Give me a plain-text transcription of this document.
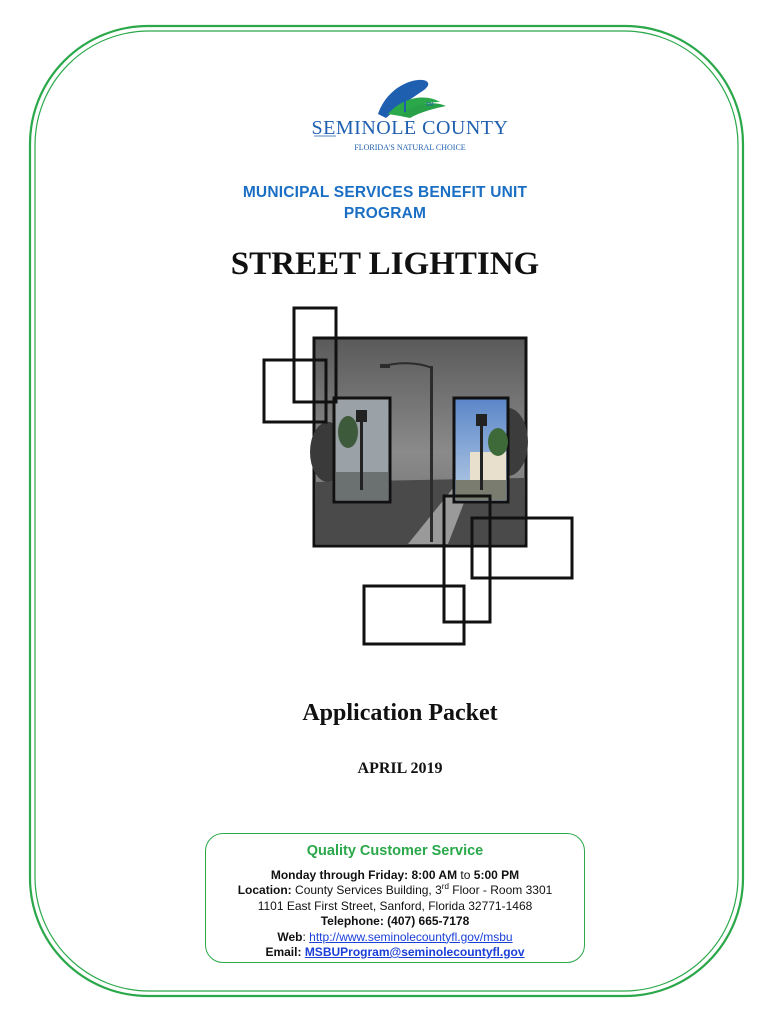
SM
SEMINOLE COUNTY
FLORIDA'S NATURAL CHOICE
MUNICIPAL SERVICES BENEFIT UNIT
PROGRAM
STREET LIGHTING
Application Packet
APRIL 2019
Quality Customer Service
Monday through Friday: 8:00 AM to 5:00 PM
Location: County Services Building, 3rd Floor - Room 3301
1101 East First Street, Sanford, Florida 32771-1468
Telephone: (407) 665-7178
Web: http://www.seminolecountyfl.gov/msbu
Email: MSBUProgram@seminolecountyfl.gov
